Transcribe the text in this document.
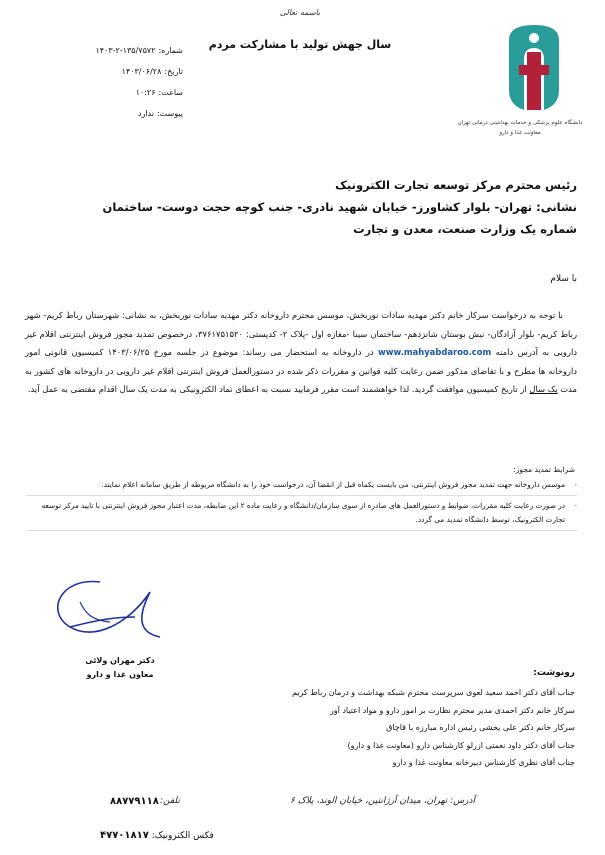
باسمه تعالی
سال جهش تولید با مشارکت مردم
۱۴۰۳-۲-۱۳۵/۷۵۷۲ شماره:
۱۴۰۳/۰۶/۲۸ تاریخ:
۱۰:۲۶ ساعت:
ندارد پیوست:
دانشگاه علوم پزشکی و خدمات بهداشتی درمانی تهران
معاونت غذا و دارو
رئیس محترم مرکز توسعه تجارت الکترونیک
نشانی: تهران- بلوار کشاورز- خیابان شهید نادری- جنب کوچه حجت دوست- ساختمان
شماره یک وزارت صنعت، معدن و تجارت
با سلام

با توجه به درخواست سرکار خانم دکتر مهدیه سادات نوربخش، موسس محترم داروخانه دکتر مهدیه سادات نوربخش، به نشانی: شهرستان رباط کریم- شهر رباط کریم- بلوار آزادگان- نبش بوستان شانزدهم- ساختمان سینا -مغازه اول -پلاک ۲- کدپستی: ۳۷۶۱۷۵۱۵۲۰، درخصوص تمدید مجوز فروش اینترنتی اقلام غیر دارویی به آدرس دامنه www.mahyabdaroo.com در داروخانه به استحضار می رساند: موضوع در جلسه مورخ ۱۴۰۳/۰۶/۲۵ کمیسیون قانونی امور داروخانه ها مطرح و با تقاضای مذکور ضمن رعایت کلیه قوانین و مقررات ذکر شده در دستورالعمل فروش اینترنتی اقلام غیر دارویی در داروخانه های کشور به مدت یک سال از تاریخ کمیسیون موافقت گردید. لذا خواهشمند است مقرر فرمایید نسبت به اعطای نماد الکترونیکی به مدت یک سال اقدام مقتضی به عمل آید.

شرایط تمدید مجوز:
-
موسس داروخانه جهت تمدید مجوز فروش اینترنتی، می بایست یکماه قبل از انقضا آن، درخواست خود را به دانشگاه مربوطه از طریق سامانه اعلام نمایند.
-
در صورت رعایت کلیه مقررات، ضوابط و دستورالعمل های صادره از سوی سازمان/دانشگاه و رعایت ماده ۲ این ضابطه، مدت اعتبار مجوز فروش اینترنتی با تایید مرکز توسعه تجارت الکترونیک، توسط دانشگاه تمدید می گردد.
دکتر مهران ولائی
معاون غذا و دارو	رونوشت:
جناب آقای دکتر احمد سعید لعوی سرپرست محترم شبکه بهداشت و درمان رباط کریم
سرکار خانم دکتر احمدی مدیر محترم نظارت بر امور دارو و مواد اعتیاد آور
سرکار خانم دکتر علی یخشی رئیس اداره مبارزه با قاچاق
جناب آقای دکتر داود نعمتی ازرلو کارشناس دارو (معاونت غذا و دارو)
جناب آقای نظری کارشناس دبیرخانه معاونت غذا و دارو
آدرس: تهران، میدان آرژانتین، خیابان الوند، پلاک ۶
تلفن:
۸۸۷۷۹۱۱۸
فکس الکترونیک: ۴۷۷۰۱۸۱۷
